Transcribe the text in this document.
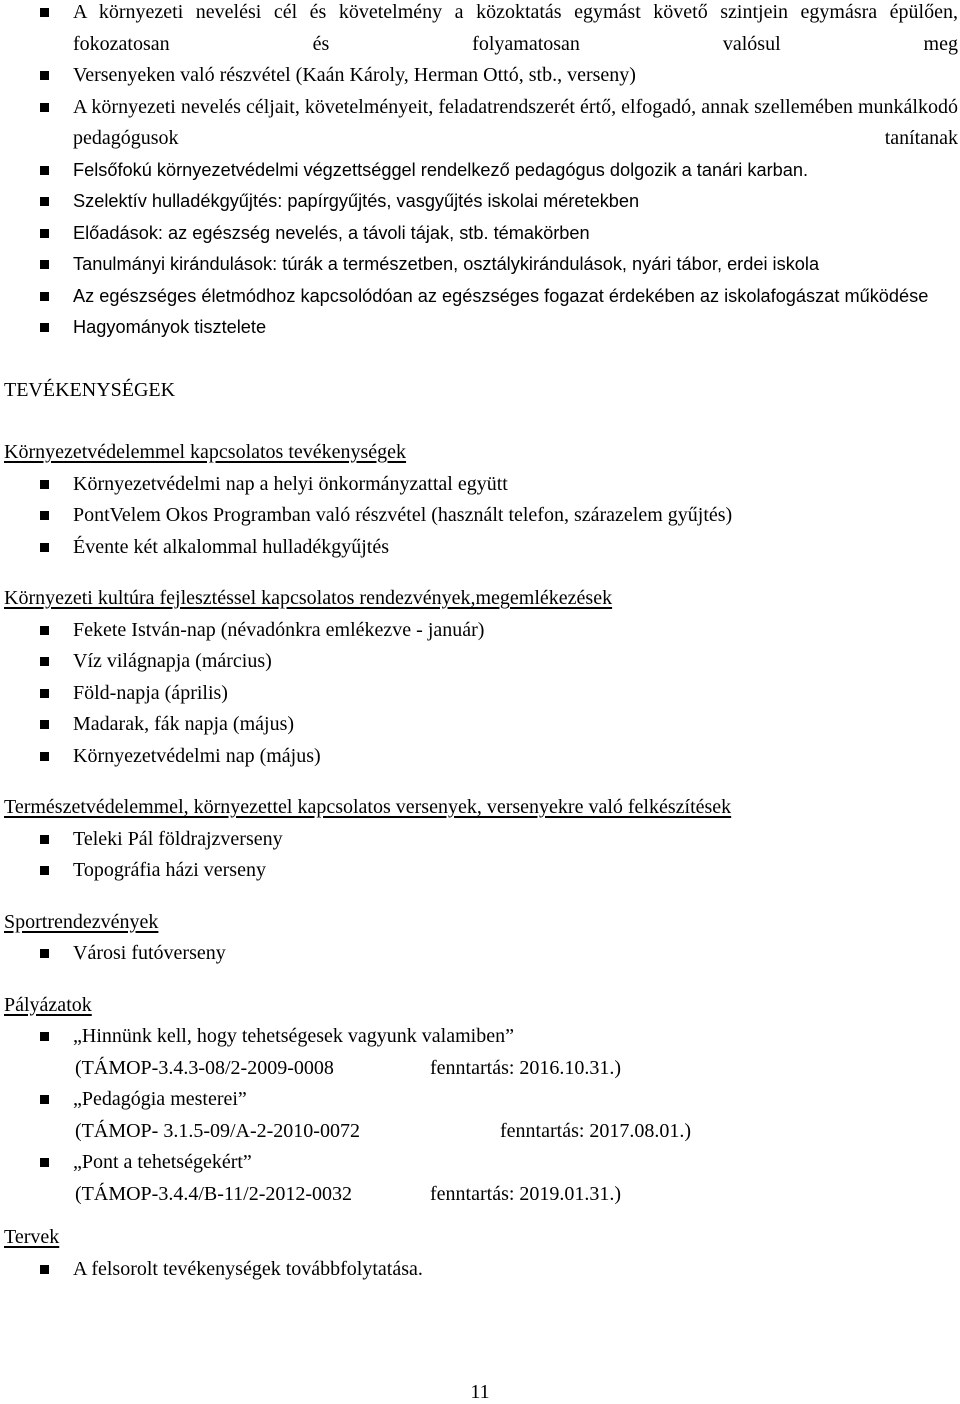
A környezeti nevelési cél és követelmény a közoktatás egymást követő szintjein egymásra épülően, fokozatosan és folyamatosan valósul meg
Versenyeken való részvétel (Kaán Károly, Herman Ottó, stb., verseny)
A környezeti nevelés céljait, követelményeit, feladatrendszerét értő, elfogadó, annak szellemében munkálkodó pedagógusok tanítanak
Felsőfokú környezetvédelmi végzettséggel rendelkező pedagógus dolgozik a tanári karban.
Szelektív hulladékgyűjtés: papírgyűjtés, vasgyűjtés iskolai méretekben
Előadások: az egészség nevelés, a távoli tájak, stb. témakörben
Tanulmányi kirándulások: túrák a természetben, osztálykirándulások, nyári tábor, erdei iskola
Az egészséges életmódhoz kapcsolódóan az egészséges fogazat érdekében az iskolafogászat működése
Hagyományok tisztelete
TEVÉKENYSÉGEK
Környezetvédelemmel kapcsolatos tevékenységek
Környezetvédelmi nap a helyi önkormányzattal együtt
PontVelem Okos Programban való részvétel (használt telefon, szárazelem gyűjtés)
Évente két alkalommal hulladékgyűjtés
Környezeti kultúra fejlesztéssel kapcsolatos rendezvények,megemlékezések
Fekete István-nap (névadónkra emlékezve - január)
Víz világnapja (március)
Föld-napja (április)
Madarak, fák napja (május)
Környezetvédelmi nap (május)
Természetvédelemmel, környezettel kapcsolatos versenyek, versenyekre való felkészítések
Teleki Pál földrajzverseny
Topográfia házi verseny
Sportrendezvények
Városi futóverseny
Pályázatok
„Hinnünk kell, hogy tehetségesek vagyunk valamiben”
(TÁMOP-3.4.3-08/2-2009-0008	fenntartás: 2016.10.31.)
„Pedagógia mesterei”
(TÁMOP- 3.1.5-09/A-2-2010-0072	fenntartás: 2017.08.01.)
„Pont a tehetségekért”
(TÁMOP-3.4.4/B-11/2-2012-0032	fenntartás: 2019.01.31.)
Tervek
A felsorolt tevékenységek továbbfolytatása.
11
